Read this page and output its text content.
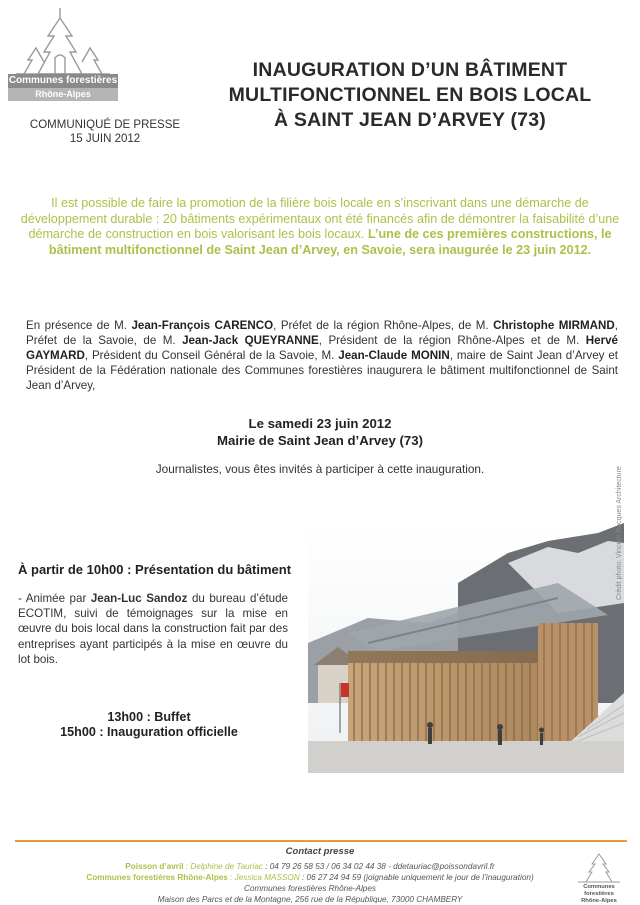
Communes forestières
Rhône-Alpes
COMMUNIQUÉ DE PRESSE
15 JUIN 2012
INAUGURATION D’UN BÂTIMENT
MULTIFONCTIONNEL EN BOIS LOCAL
À SAINT JEAN D’ARVEY (73)
Il est possible de faire la promotion de la filière bois locale en s’inscrivant dans une démarche de développement durable : 20 bâtiments expérimentaux ont été financés afin de démontrer la faisabilité d’une démarche de construction en bois valorisant les bois locaux. L’une de ces premières constructions, le bâtiment multifonctionnel de Saint Jean d’Arvey, en Savoie, sera inaugurée le 23 juin 2012.
En présence de M. Jean-François CARENCO, Préfet de la région Rhône-Alpes, de M. Christophe MIRMAND, Préfet de la Savoie, de M. Jean-Jack QUEYRANNE, Président de la région Rhône-Alpes et de M. Hervé GAYMARD, Président du Conseil Général de la Savoie, M. Jean-Claude MONIN, maire de Saint Jean d’Arvey et Président de la Fédération nationale des Communes forestières inaugurera le bâtiment multifonctionnel de Saint Jean d’Arvey,
Le samedi 23 juin 2012
Mairie de Saint Jean d’Arvey (73)
Journalistes, vous êtes invités à participer à cette inauguration.
À partir de 10h00 : Présentation du bâtiment
- Animée par Jean-Luc Sandoz du bureau d’étude ECOTIM, suivi de témoignages sur la mise en œuvre du bois local dans la construction fait par des entreprises ayant participés à la mise en œuvre du lot bois.
13h00 : Buffet
15h00 : Inauguration officielle
Crédit photo: Vincent Rocques Architecture
Contact presse
Poisson d’avril : Delphine de Tauriac : 04 79 26 58 53 / 06 34 02 44 38 - ddetauriac@poissondavril.fr
Communes forestières Rhône-Alpes : Jessica MASSON : 06 27 24 94 59 (joignable uniquement le jour de l’inauguration)
Communes forestières Rhône-Alpes
Maison des Parcs et de la Montagne, 256 rue de la République, 73000 CHAMBERY
Communes forestières
Rhône-Alpes
